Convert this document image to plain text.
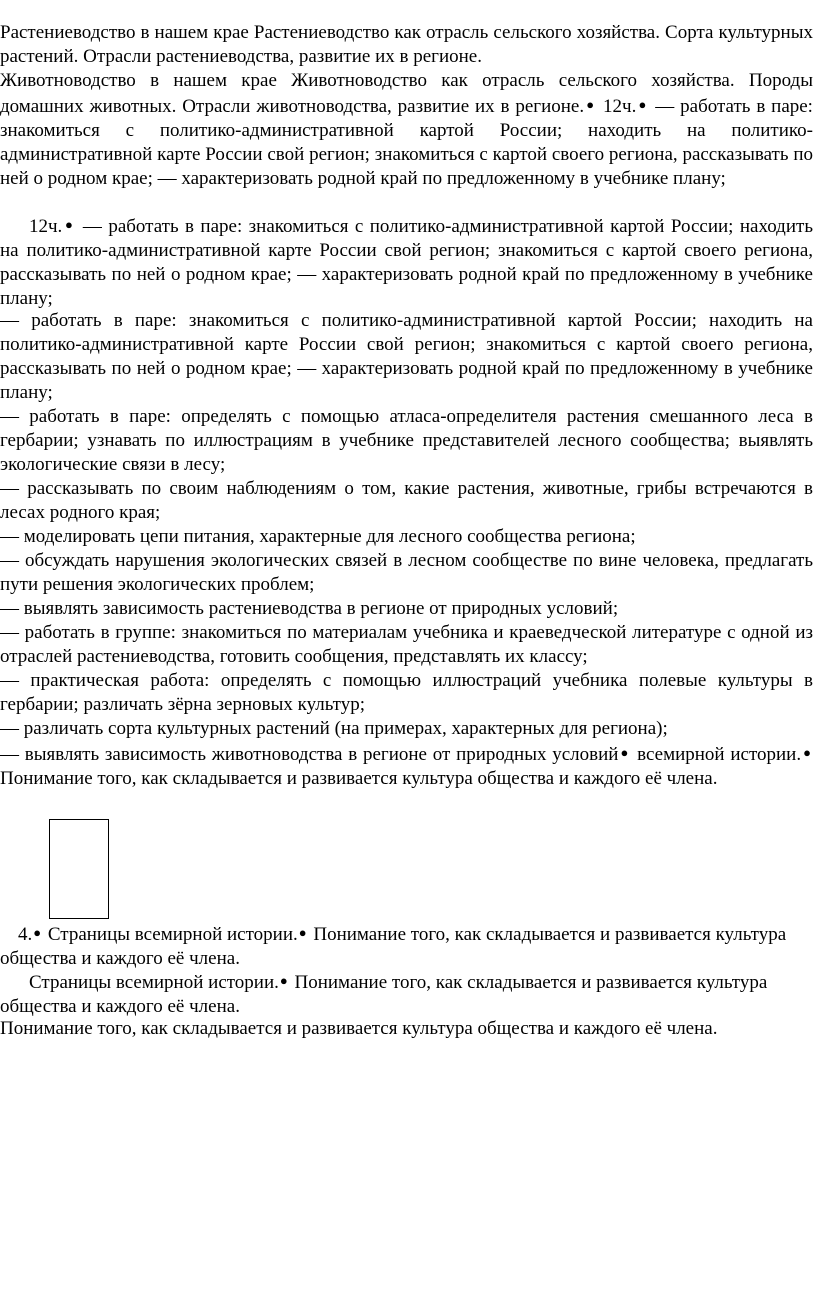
Растениеводство в нашем крае Растениеводство как отрасль сельского хозяйства. Сорта культурных растений. Отрасли растениеводства, развитие их в регионе.

Животноводство в нашем крае Животноводство как отрасль сельского хозяйства. Породы домашних животных. Отрасли животноводства, развитие их в регионе.● 12ч.● — работать в паре: знакомиться с политико-административной картой России; находить на политико-административной карте России свой регион; знакомиться с картой своего региона, рассказывать по ней о родном крае; — характеризовать родной край по предложенному в учебнике плану;

12ч.● — работать в паре: знакомиться с политико-административной картой России; находить на политико-административной карте России свой регион; знакомиться с картой своего региона, рассказывать по ней о родном крае; — характеризовать родной край по предложенному в учебнике плану;

— работать в паре: знакомиться с политико-административной картой России; находить на политико-административной карте России свой регион; знакомиться с картой своего региона, рассказывать по ней о родном крае; — характеризовать родной край по предложенному в учебнике плану;

— работать в паре: определять с помощью атласа-определителя растения смешанного леса в гербарии; узнавать по иллюстрациям в учебнике представителей лесного сообщества; выявлять экологические связи в лесу;

— рассказывать по своим наблюдениям о том, какие растения, животные, грибы встречаются в лесах родного края;

— моделировать цепи питания, характерные для лесного сообщества региона;

— обсуждать нарушения экологических связей в лесном сообществе по вине человека, предлагать пути решения экологических проблем;

— выявлять зависимость растениеводства в регионе от природных условий;

— работать в группе: знакомиться по материалам учебника и краеведческой литературе с одной из отраслей растениеводства, готовить сообщения, представлять их классу;

— практическая работа: определять с помощью иллюстраций учебника полевые культуры в гербарии; различать зёрна зерновых культур;

— различать сорта культурных растений (на примерах, характерных для региона);

— выявлять зависимость животноводства в регионе от природных условий● всемирной истории.● Понимание того, как складывается и развивается культура общества и каждого её члена.

4.● Страницы всемирной истории.● Понимание того, как складывается и развивается культура общества и каждого её члена.

Страницы всемирной истории.● Понимание того, как складывается и развивается культура общества и каждого её члена.

Понимание того, как складывается и развивается культура общества и каждого её члена.
